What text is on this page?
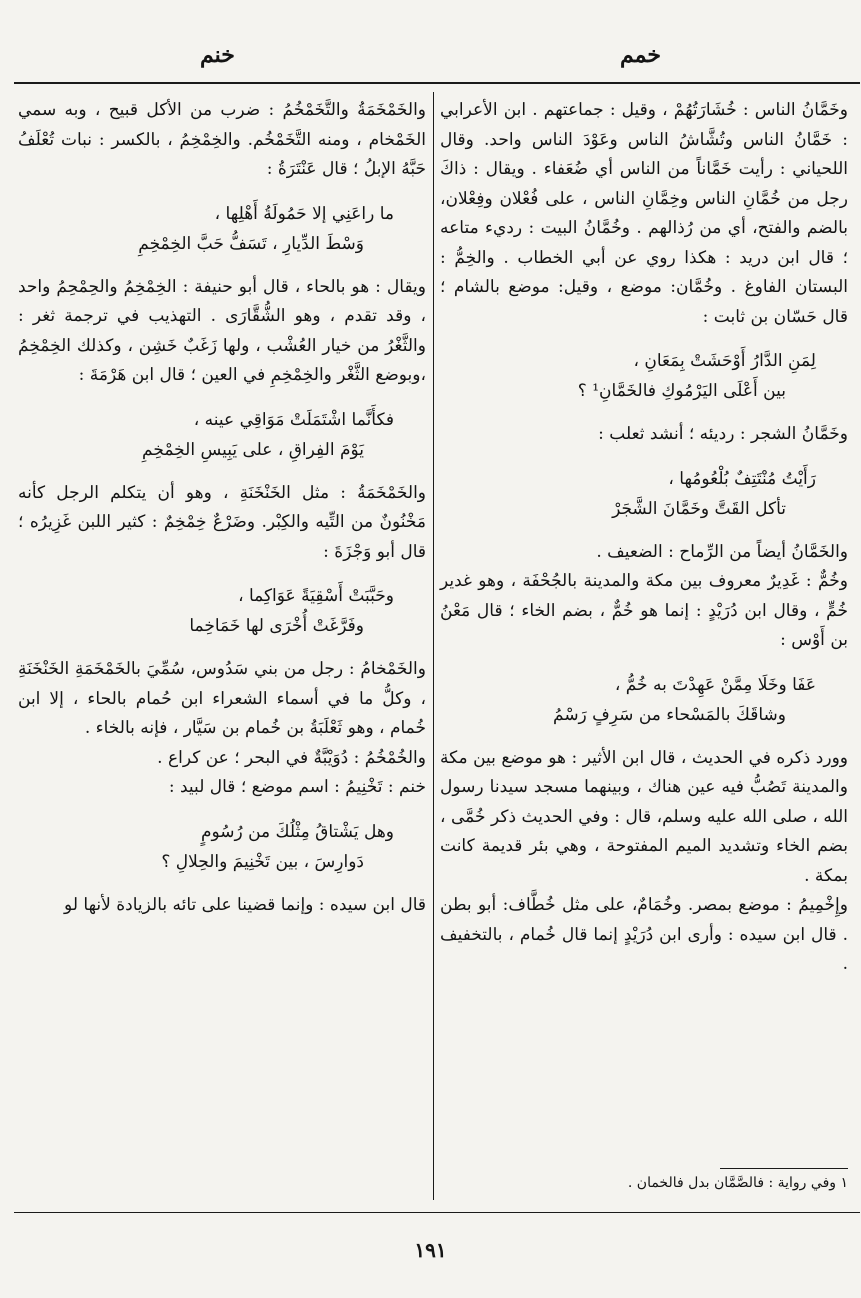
خمم
خنم

وخَمَّانُ الناس : خُشَارَتُهُمْ ، وقيل : جماعتهم . ابن الأعرابي : خَمَّانُ الناس وتُشَّاشُ الناس وعَوْدَ الناس واحد. وقال اللحياني : رأيت خَمَّاناً من الناس أي ضُعَفاء . ويقال : ذاكَ رجل من خُمَّانِ الناس وخِمَّانِ الناس ، على فُعْلان وفِعْلان، بالضم والفتح، أي من رُذالهم . وخُمَّانُ البيت : رديء متاعه ؛ قال ابن دريد : هكذا روي عن أبي الخطاب . والخِمُّ : البستان الفاوغ . وخُمَّان: موضع ، وقيل: موضع بالشام ؛ قال حَسّان بن ثابت :

لِمَنِ الدَّارُ أَوْحَشَتْ بِمَعَانِ ،
بين أَعْلَى اليَرْمُوكِ فالخَمَّانِ¹ ؟

وخَمَّانُ الشجر : رديئه ؛ أنشد ثعلب :

رَأَيْتُ مُنْتَتِفٌ بُلْعُومُها ،
تأكل القَتَّ وخَمَّانَ الشَّجَرْ

والخَمَّانُ أيضاً من الرِّماح : الضعيف .

وخُمٌّ : غَدِيرٌ معروف بين مكة والمدينة بالجُحْفَة ، وهو غدير خُمٍّ ، وقال ابن دُرَيْدٍ : إنما هو خُمٌّ ، بضم الخاء ؛ قال مَعْنُ بن أَوْس :

عَفَا وخَلَا مِمَّنْ عَهِدْتَ به خُمُّ ،
وشاقَكَ بالمَسْحاء من سَرِفٍ رَسْمُ

وورد ذكره في الحديث ، قال ابن الأثير : هو موضع بين مكة والمدينة تَصُبُّ فيه عين هناك ، وبينهما مسجد سيدنا رسول الله ، صلى الله عليه وسلم، قال : وفي الحديث ذكر خُمَّى ، بضم الخاء وتشديد الميم المفتوحة ، وهي بئر قديمة كانت بمكة .

وإِخْمِيمُ : موضع بمصر. وخُمَامٌ، على مثل خُطَّاف: أبو بطن . قال ابن سيده : وأرى ابن دُرَيْدٍ إنما قال خُمام ، بالتخفيف .

والخَمْخَمَةُ والتَّخَمْخُمُ : ضرب من الأكل قبيح ، وبه سمي الخَمْخام ، ومنه التَّخَمْخُم. والخِمْخِمُ ، بالكسر : نبات تُعْلَفُ حَبَّهُ الإبلُ ؛ قال عَنْتَرَةُ :

ما راعَنِي إلا حَمُولَةُ أَهْلِها ،
وَسْطَ الدِّيارِ ، تَسَفُّ حَبَّ الخِمْخِمِ

ويقال : هو بالحاء ، قال أبو حنيفة : الخِمْخِمُ والحِمْحِمُ واحد ، وقد تقدم ، وهو الشُّقَّارَى . التهذيب في ترجمة ثغر : والثَّغْرُ من خيار العُشْب ، ولها زَغَبٌ خَشِن ، وكذلك الخِمْخِمُ ،وبوضع الثَّغْر والخِمْخِمِ في العين ؛ قال ابن هَرْمَةَ :

فكأَنَّما اشْتَمَلَتْ مَوَاقِي عينه ،
يَوْمَ الفِراقِ ، على يَبِيسِ الخِمْخِمِ

والخَمْخَمَةُ : مثل الخَنْخَنَةِ ، وهو أن يتكلم الرجل كأنه مَخْنُونٌ من التِّيه والكِبْر. وضَرْعٌ خِمْخِمٌ : كثير اللبن غَزِيرُه ؛ قال أبو وَجْزَةَ :

وحَبَّبَتْ أَسْقِيَةً عَوَاكِما ،
وفَرَّغَتْ أُخْرَى لها خَمَاخِما

والخَمْخامُ : رجل من بني سَدُوس، سُمِّيَ بالخَمْخَمَةِ الخَنْخَنَةِ ، وكلُّ ما في أسماء الشعراء ابن حُمام بالحاء ، إلا ابن خُمام ، وهو ثَعْلَبَةُ بن خُمام بن سَيَّار ، فإنه بالخاء .

والخُمْخُمُ : دُوَيْبَّةٌ في البحر ؛ عن كراع .

خنم : تَخْنِيمُ : اسم موضع ؛ قال لبيد :

وهل يَشْتاقُ مِثْلُكَ من رُسُومٍ
دَوارِسَ ، بين تَخْنِيمَ والحِلالِ ؟

قال ابن سيده : وإنما قضينا على تائه بالزيادة لأنها لو

١ وفي رواية : فالصَّمَّان بدل فالخمان .
١٩١
